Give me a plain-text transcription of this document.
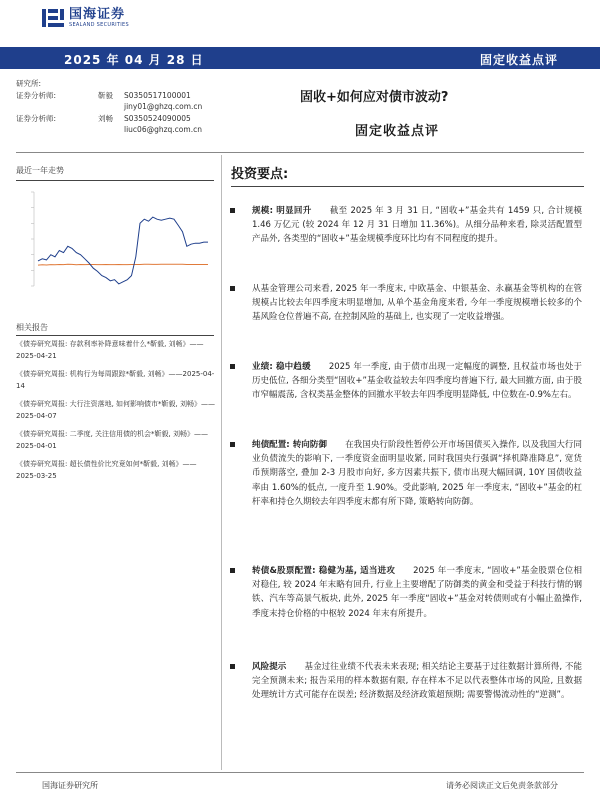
国海证券
SEALAND SECURITIES
2025 年 04 月 28 日	固定收益点评
研究所:
证券分析师:	靳毅	S0350517100001
jiny01@ghzq.com.cn
证券分析师:	刘畅	S0350524090005
liuc06@ghzq.com.cn
固收+如何应对债市波动?
固定收益点评
最近一年走势
相关报告
《债券研究周报: 存款利率补降意味着什么*靳毅, 刘畅》——2025-04-21
《债券研究周报: 机构行为每周跟踪*靳毅, 刘畅》——2025-04-14
《债券研究周报: 大行注资落地, 如何影响债市*靳毅, 刘畅》——2025-04-07
《债券研究周报: 二季度, 关注信用债的机会*靳毅, 刘畅》——2025-04-01
《债券研究周报: 超长债性价比究竟如何*靳毅, 刘畅》——2025-03-25
投资要点:
规模: 明显回升 截至 2025 年 3 月 31 日, “固收+”基金共有 1459 只, 合计规模 1.46 万亿元 (较 2024 年 12 月 31 日增加 11.36%)。从细分品种来看, 除灵活配置型产品外, 各类型的“固收+”基金规模季度环比均有不同程度的提升。
从基金管理公司来看, 2025 年一季度末, 中欧基金、中银基金、永赢基金等机构的在管规模占比较去年四季度末明显增加, 从单个基金角度来看, 今年一季度规模增长较多的个基风险仓位普遍不高, 在控制风险的基础上, 也实现了一定收益增强。
业绩: 稳中趋缓 2025 年一季度, 由于债市出现一定幅度的调整, 且权益市场也处于历史低位, 各细分类型“固收+”基金收益较去年四季度均普遍下行, 最大回撤方面, 由于股市窄幅震荡, 含权类基金整体的回撤水平较去年四季度明显降低, 中位数在-0.9%左右。
纯债配置: 转向防御 在我国央行阶段性暂停公开市场国债买入操作, 以及我国大行同业负债流失的影响下, 一季度资金面明显收紧, 同时我国央行强调“择机降准降息”, 宽货币预期落空, 叠加 2-3 月股市向好, 多方因素共振下, 债市出现大幅回调, 10Y 国债收益率由 1.60%的低点, 一度升至 1.90%。受此影响, 2025 年一季度末, “固收+”基金的杠杆率和持仓久期较去年四季度末都有所下降, 策略转向防御。
转债&股票配置: 稳健为基, 适当进攻 2025 年一季度末, “固收+”基金股票仓位相对稳住, 较 2024 年末略有回升, 行业上主要增配了防御类的黄金和受益于科技行情的钢铁、汽车等高景气板块, 此外, 2025 年一季度“固收+”基金对转债则或有小幅止盈操作, 季度末持仓价格的中枢较 2024 年末有所提升。
风险提示 基金过往业绩不代表未来表现; 相关结论主要基于过往数据计算所得, 不能完全预测未来; 报告采用的样本数据有限, 存在样本不足以代表整体市场的风险, 且数据处理统计方式可能存在误差; 经济数据及经济政策超预期; 需要警惕流动性的“逆测”。
国海证券研究所	请务必阅读正文后免责条款部分
